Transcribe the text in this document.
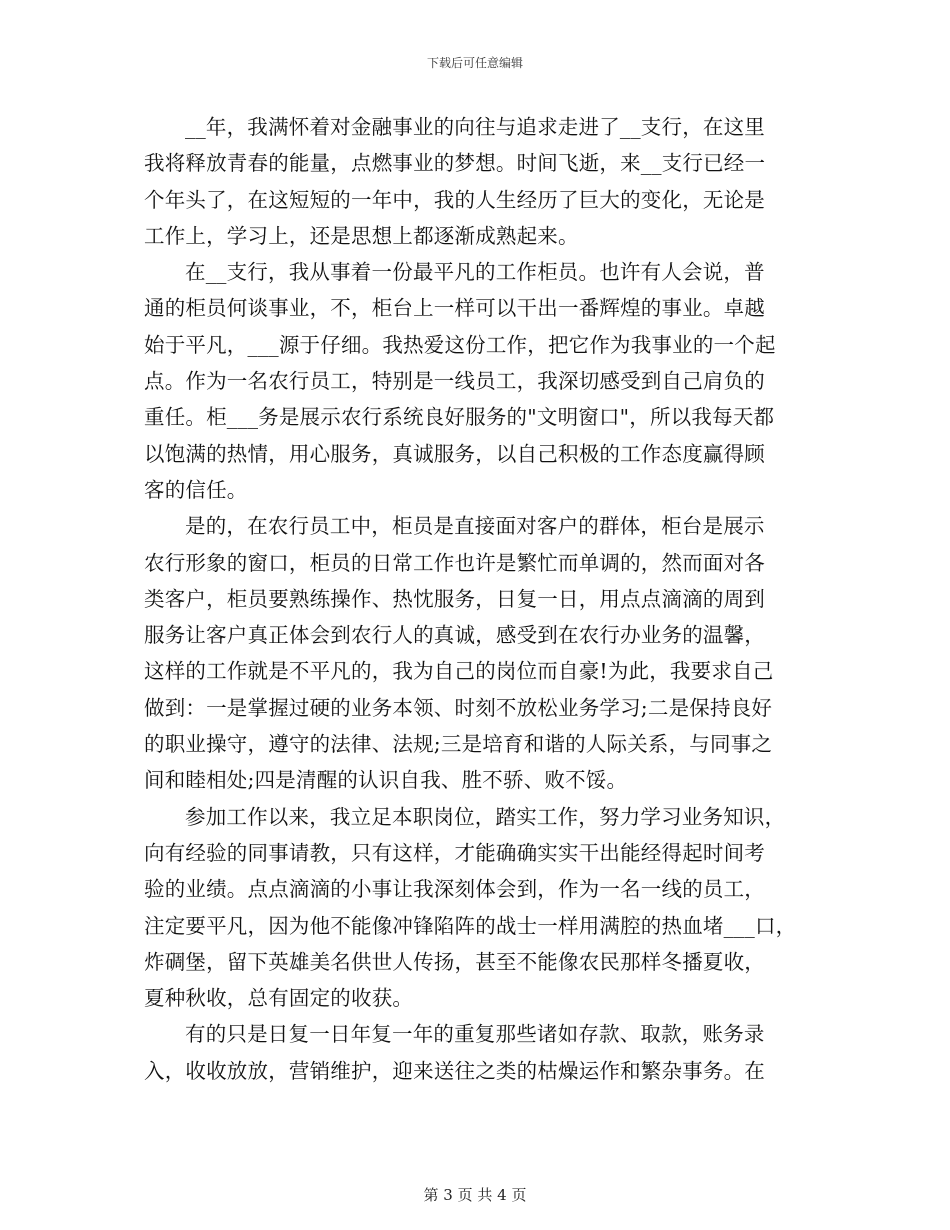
下载后可任意编辑
__年，我满怀着对金融事业的向往与追求走进了__支行，在这里
我将释放青春的能量，点燃事业的梦想。时间飞逝，来__支行已经一
个年头了，在这短短的一年中，我的人生经历了巨大的变化，无论是
工作上，学习上，还是思想上都逐渐成熟起来。
在__支行，我从事着一份最平凡的工作柜员。也许有人会说，普
通的柜员何谈事业，不，柜台上一样可以干出一番辉煌的事业。卓越
始于平凡，___源于仔细。我热爱这份工作，把它作为我事业的一个起
点。作为一名农行员工，特别是一线员工，我深切感受到自己肩负的
重任。柜___务是展示农行系统良好服务的"文明窗口"，所以我每天都
以饱满的热情，用心服务，真诚服务，以自己积极的工作态度赢得顾
客的信任。
是的，在农行员工中，柜员是直接面对客户的群体，柜台是展示
农行形象的窗口，柜员的日常工作也许是繁忙而单调的，然而面对各
类客户，柜员要熟练操作、热忱服务，日复一日，用点点滴滴的周到
服务让客户真正体会到农行人的真诚，感受到在农行办业务的温馨，
这样的工作就是不平凡的，我为自己的岗位而自豪!为此，我要求自己
做到：一是掌握过硬的业务本领、时刻不放松业务学习;二是保持良好
的职业操守，遵守的法律、法规;三是培育和谐的人际关系，与同事之
间和睦相处;四是清醒的认识自我、胜不骄、败不馁。
参加工作以来，我立足本职岗位，踏实工作，努力学习业务知识，
向有经验的同事请教，只有这样，才能确确实实干出能经得起时间考
验的业绩。点点滴滴的小事让我深刻体会到，作为一名一线的员工，
注定要平凡，因为他不能像冲锋陷阵的战士一样用满腔的热血堵___口，
炸碉堡，留下英雄美名供世人传扬，甚至不能像农民那样冬播夏收，
夏种秋收，总有固定的收获。
有的只是日复一日年复一年的重复那些诸如存款、取款，账务录
入，收收放放，营销维护，迎来送往之类的枯燥运作和繁杂事务。在
第 3 页 共 4 页
